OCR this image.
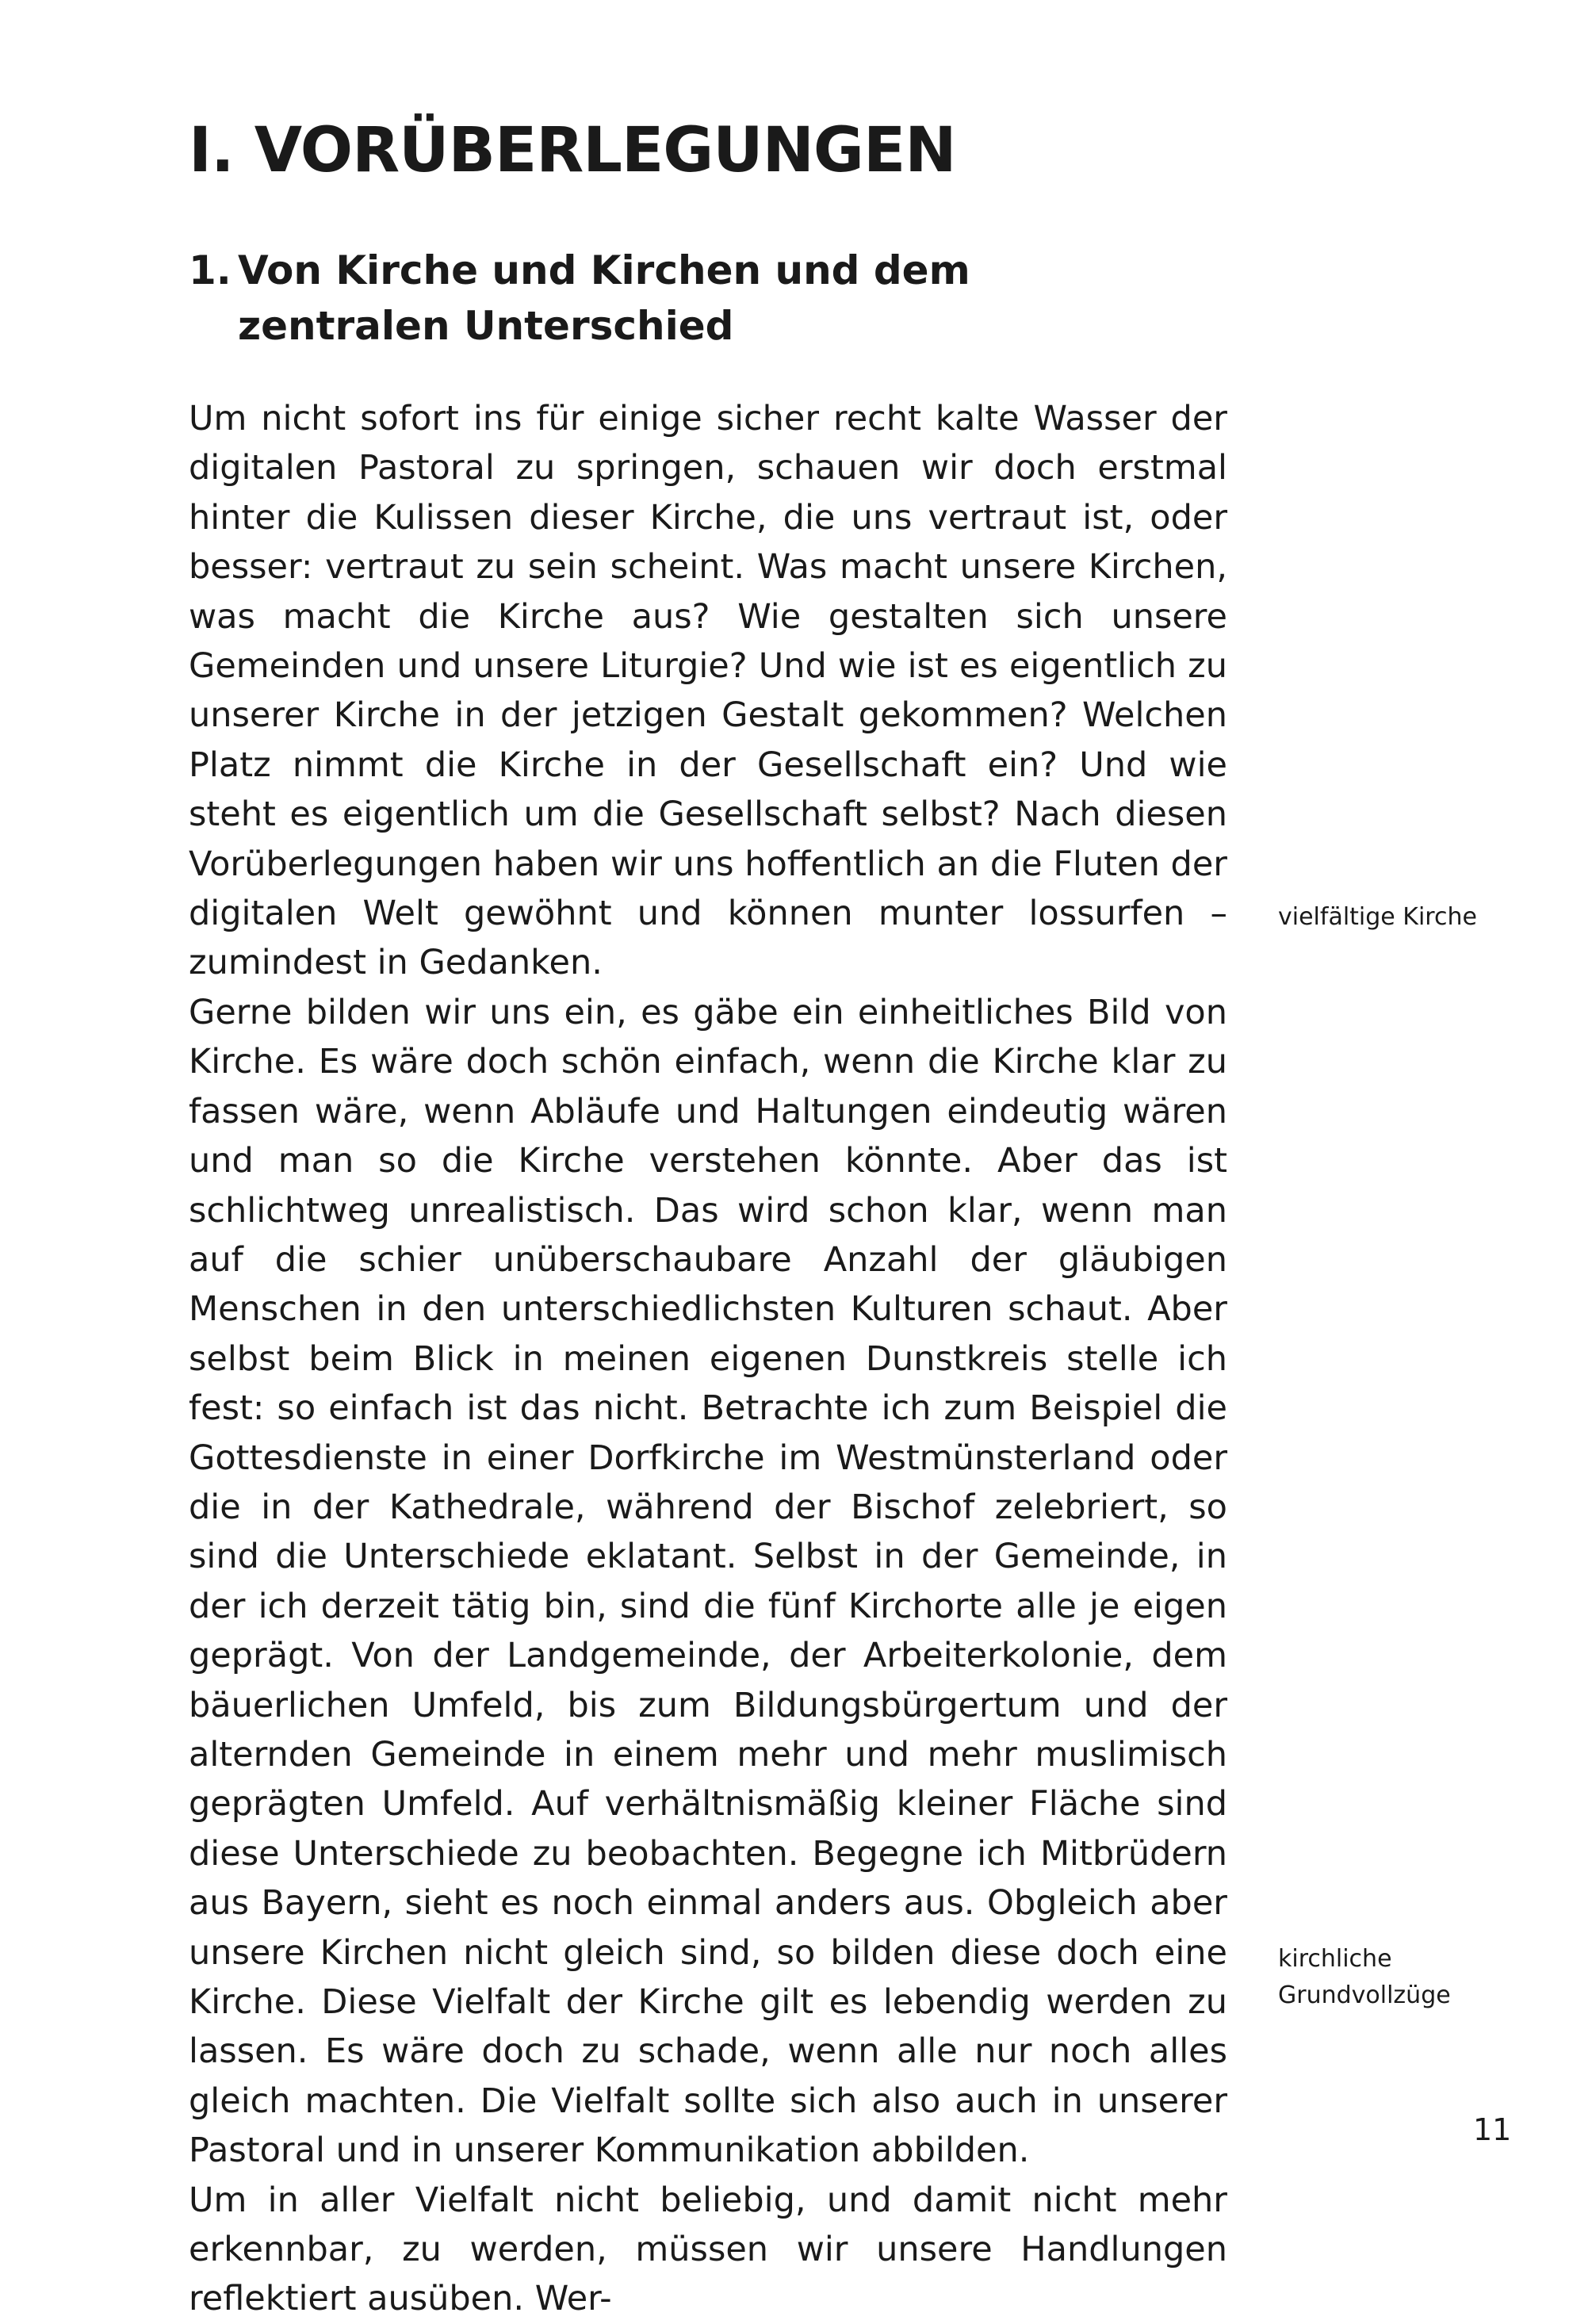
I. VORÜBERLEGUNGEN
1. Von Kirche und Kirchen und dem zentralen Unterschied

Um nicht sofort ins für einige sicher recht kalte Wasser der digitalen Pastoral zu springen, schauen wir doch erstmal hinter die Kulissen dieser Kirche, die uns vertraut ist, oder besser: vertraut zu sein scheint. Was macht unsere Kirchen, was macht die Kirche aus? Wie gestalten sich unsere Gemeinden und unsere Liturgie? Und wie ist es eigentlich zu unserer Kirche in der jetzigen Gestalt gekommen? Welchen Platz nimmt die Kirche in der Gesellschaft ein? Und wie steht es eigentlich um die Gesellschaft selbst? Nach diesen Vorüberlegungen haben wir uns hoffentlich an die Fluten der digitalen Welt gewöhnt und können munter lossurfen – zumindest in Gedanken.

Gerne bilden wir uns ein, es gäbe ein einheitliches Bild von Kirche. Es wäre doch schön einfach, wenn die Kirche klar zu fassen wäre, wenn Abläufe und Haltungen eindeutig wären und man so die Kirche verstehen könnte. Aber das ist schlichtweg unrealistisch. Das wird schon klar, wenn man auf die schier unüberschaubare Anzahl der gläubigen Menschen in den unterschiedlichsten Kulturen schaut. Aber selbst beim Blick in meinen eigenen Dunstkreis stelle ich fest: so einfach ist das nicht. Betrachte ich zum Beispiel die Gottesdienste in einer Dorfkirche im Westmünsterland oder die in der Kathedrale, während der Bischof zelebriert, so sind die Unterschiede eklatant. Selbst in der Gemeinde, in der ich derzeit tätig bin, sind die fünf Kirchorte alle je eigen geprägt. Von der Landgemeinde, der Arbeiterkolonie, dem bäuerlichen Umfeld, bis zum Bildungsbürgertum und der alternden Gemeinde in einem mehr und mehr muslimisch geprägten Umfeld. Auf verhältnismäßig kleiner Fläche sind diese Unterschiede zu beobachten. Begegne ich Mitbrüdern aus Bayern, sieht es noch einmal anders aus. Obgleich aber unsere Kirchen nicht gleich sind, so bilden diese doch eine Kirche. Diese Vielfalt der Kirche gilt es lebendig werden zu lassen. Es wäre doch zu schade, wenn alle nur noch alles gleich machten. Die Vielfalt sollte sich also auch in unserer Pastoral und in unserer Kommunikation abbilden.

Um in aller Vielfalt nicht beliebig, und damit nicht mehr erkennbar, zu werden, müssen wir unsere Handlungen reflektiert ausüben. Wer-

vielfältige Kirche

kirchliche Grundvollzüge

11
